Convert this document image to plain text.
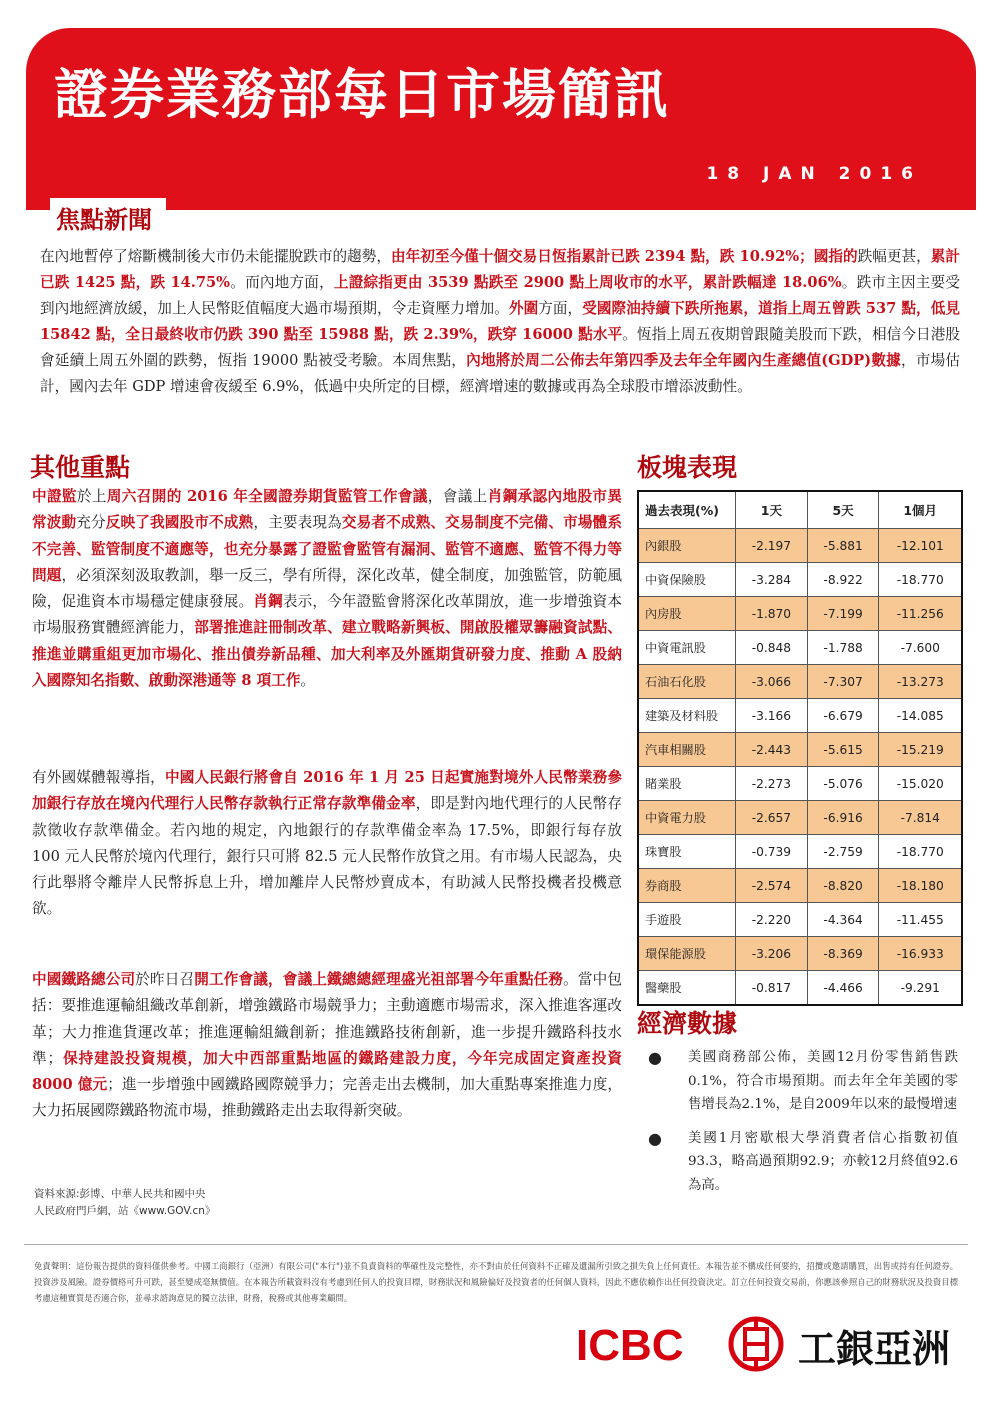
證券業務部每日市場簡訊
18 JAN 2016
焦點新聞

在內地暫停了熔斷機制後大市仍未能擺脫跌市的趨勢，由年初至今僅十個交易日恆指累計已跌 2394 點，跌 10.92%；國指的跌幅更甚，累計已跌 1425 點，跌 14.75%。而內地方面，上證綜指更由 3539 點跌至 2900 點上周收市的水平，累計跌幅達 18.06%。跌市主因主要受到內地經濟放緩，加上人民幣貶值幅度大過市場預期，令走資壓力增加。外圍方面，受國際油持續下跌所拖累，道指上周五曾跌 537 點，低見 15842 點，全日最終收市仍跌 390 點至 15988 點，跌 2.39%，跌穿 16000 點水平。恆指上周五夜期曾跟隨美股而下跌，相信今日港股會延續上周五外圍的跌勢，恆指 19000 點被受考驗。本周焦點，內地將於周二公佈去年第四季及去年全年國內生產總值(GDP)數據，市場估計，國內去年 GDP 增速會夜緩至 6.9%，低過中央所定的目標，經濟增速的數據或再為全球股市增添波動性。

其他重點

中證監於上周六召開的 2016 年全國證券期貨監管工作會議，會議上肖鋼承認內地股市異常波動充分反映了我國股市不成熟，主要表現為交易者不成熟、交易制度不完備、市場體系不完善、監管制度不適應等，也充分暴露了證監會監管有漏洞、監管不適應、監管不得力等問題，必須深刻汲取教訓，舉一反三，學有所得，深化改革，健全制度，加強監管，防範風險，促進資本市場穩定健康發展。肖鋼表示，今年證監會將深化改革開放，進一步增強資本市場服務實體經濟能力，部署推進註冊制改革、建立戰略新興板、開啟股權眾籌融資試點、推進並購重組更加市場化、推出債券新品種、加大利率及外匯期貨研發力度、推動 A 股納入國際知名指數、啟動深港通等 8 項工作。

有外國媒體報導指，中國人民銀行將會自 2016 年 1 月 25 日起實施對境外人民幣業務參加銀行存放在境內代理行人民幣存款執行正常存款準備金率，即是對內地代理行的人民幣存款徵收存款準備金。若內地的規定，內地銀行的存款準備金率為 17.5%，即銀行每存放 100 元人民幣於境內代理行，銀行只可將 82.5 元人民幣作放貸之用。有市場人民認為，央行此舉將令離岸人民幣拆息上升，增加離岸人民幣炒賣成本，有助減人民幣投機者投機意欲。

中國鐵路總公司於昨日召開工作會議，會議上鐵總總經理盛光祖部署今年重點任務。當中包括：要推進運輸組織改革創新，增強鐵路市場競爭力；主動適應市場需求，深入推進客運改革；大力推進貨運改革；推進運輸組織創新；推進鐵路技術創新，進一步提升鐵路科技水準；保持建設投資規模，加大中西部重點地區的鐵路建設力度，今年完成固定資產投資 8000 億元；進一步增強中國鐵路國際競爭力；完善走出去機制，加大重點專案推進力度，大力拓展國際鐵路物流市場，推動鐵路走出去取得新突破。

板塊表現
過去表現(%)	1天	5天	1個月
內銀股	-2.197	-5.881	-12.101
中資保險股	-3.284	-8.922	-18.770
內房股	-1.870	-7.199	-11.256
中資電訊股	-0.848	-1.788	-7.600
石油石化股	-3.066	-7.307	-13.273
建築及材料股	-3.166	-6.679	-14.085
汽車相關股	-2.443	-5.615	-15.219
賭業股	-2.273	-5.076	-15.020
中資電力股	-2.657	-6.916	-7.814
珠寶股	-0.739	-2.759	-18.770
券商股	-2.574	-8.820	-18.180
手遊股	-2.220	-4.364	-11.455
環保能源股	-3.206	-8.369	-16.933
醫藥股	-0.817	-4.466	-9.291
經濟數據
● 美國商務部公佈，美國12月份零售銷售跌0.1%，符合市場預期。而去年全年美國的零售增長為2.1%，是自2009年以來的最慢增速
● 美國1月密歇根大學消費者信心指數初值93.3，略高過預期92.9；亦較12月終值92.6為高。
資料來源:彭博、中華人民共和國中央
人民政府門戶網，站《www.GOV.cn》
免責聲明：這份報告提供的資料僅供參考。中國工商銀行（亞洲）有限公司("本行")並不負責資料的準確性及完整性，亦不對由於任何資料不正確及遺漏所引致之損失負上任何責任。本報告並不構成任何要約，招攬或邀請購買，出售或持有任何證券。投資涉及風險。證券價格可升可跌，甚至變成毫無價值。在本報告所載資料沒有考慮到任何人的投資目標，財務狀況和風險偏好及投資者的任何個人資料，因此不應依賴作出任何投資決定。訂立任何投資交易前，你應該參照自己的財務狀況及投資目標考慮這種實質是否適合你，並尋求諮詢意見的獨立法律，財務，稅務或其他專業顧問。
ICBC	工銀亞洲
